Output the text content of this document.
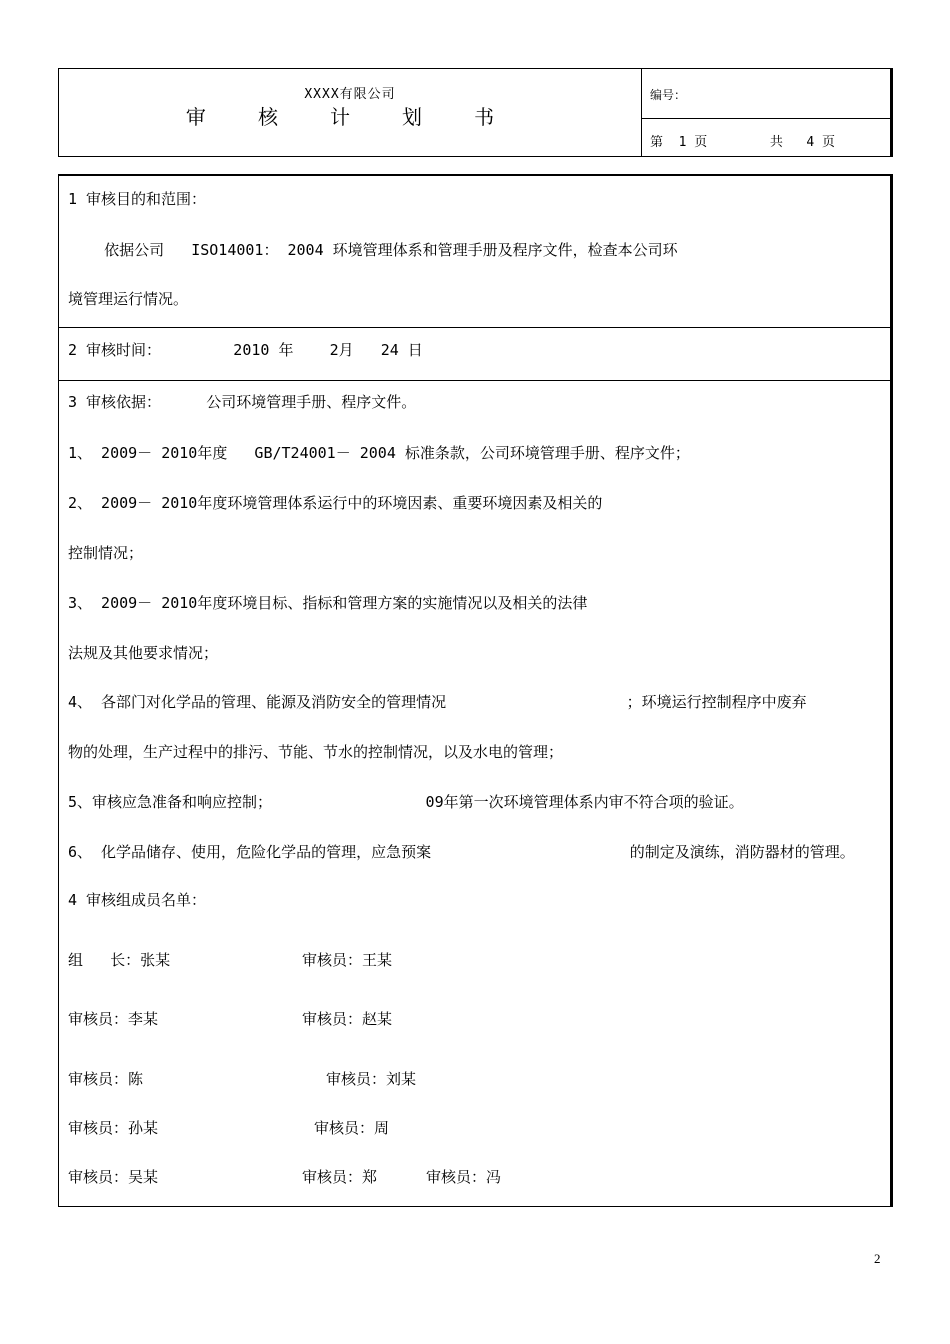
XXXX有限公司
审 核 计 划 书
编号：
第  1 页        共   4 页
1 审核目的和范围：
依据公司   ISO14001： 2004 环境管理体系和管理手册及程序文件，检查本公司环
境管理运行情况。
2 审核时间：        2010 年    2月   24 日
3 审核依据：     公司环境管理手册、程序文件。
1、 2009－ 2010年度   GB/T24001－ 2004 标准条款，公司环境管理手册、程序文件；
2、 2009－ 2010年度环境管理体系运行中的环境因素、重要环境因素及相关的
控制情况；
3、 2009－ 2010年度环境目标、指标和管理方案的实施情况以及相关的法律
法规及其他要求情况；
4、 各部门对化学品的管理、能源及消防安全的管理情况                    ；环境运行控制程序中废弃
物的处理，生产过程中的排污、节能、节水的控制情况，以及水电的管理；
5、审核应急准备和响应控制；                 09年第一次环境管理体系内审不符合项的验证。
6、 化学品储存、使用，危险化学品的管理，应急预案                      的制定及演练，消防器材的管理。
4 审核组成员名单：
组   长：张某	审核员：王某
审核员：李某	审核员：赵某
审核员：陈	审核员：刘某
审核员：孙某	审核员：周
审核员：吴某	审核员：郑	审核员：冯
2
